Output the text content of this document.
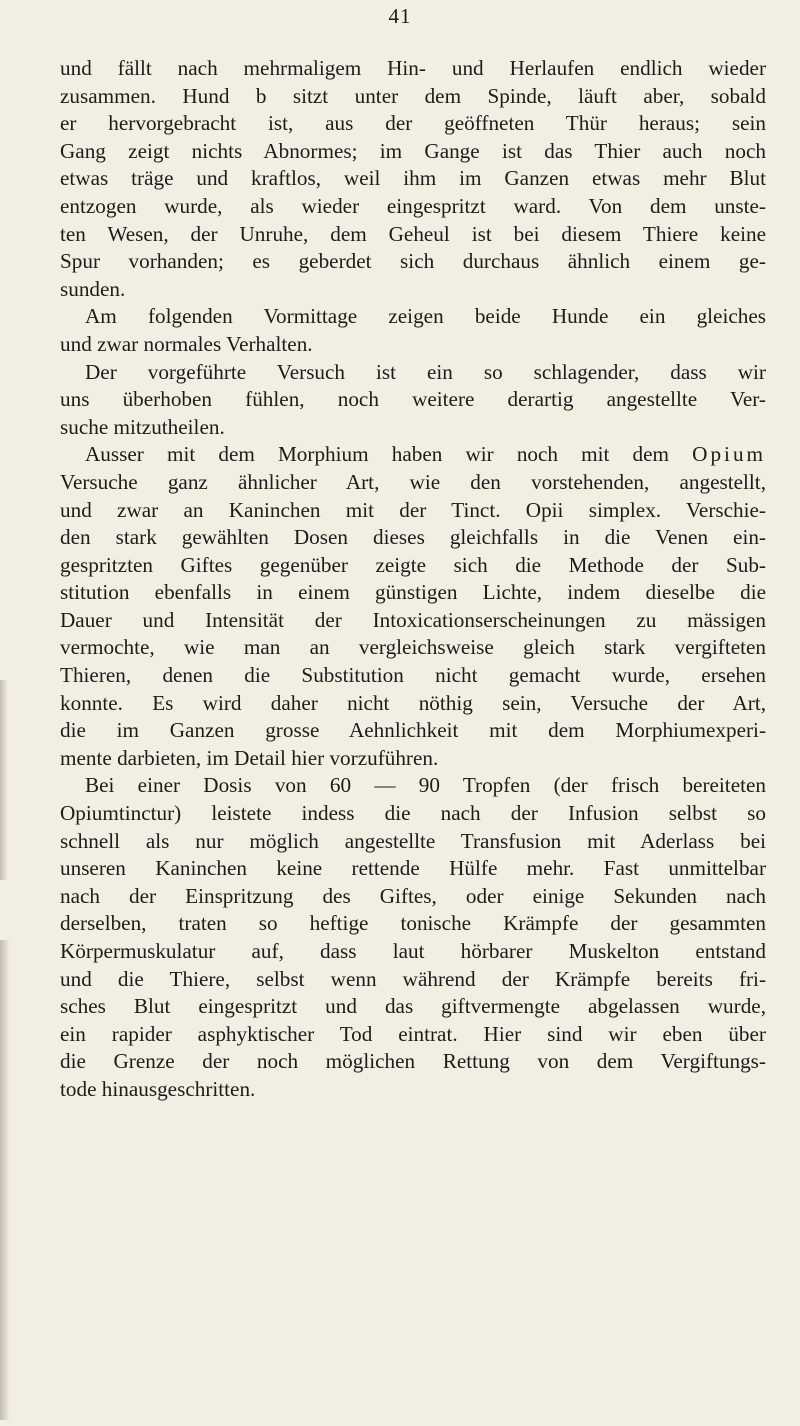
41
und fällt nach mehrmaligem Hin- und Herlaufen endlich wieder
zusammen. Hund b sitzt unter dem Spinde, läuft aber, sobald
er hervorgebracht ist, aus der geöffneten Thür heraus; sein
Gang zeigt nichts Abnormes; im Gange ist das Thier auch noch
etwas träge und kraftlos, weil ihm im Ganzen etwas mehr Blut
entzogen wurde, als wieder eingespritzt ward. Von dem unste-
ten Wesen, der Unruhe, dem Geheul ist bei diesem Thiere keine
Spur vorhanden; es geberdet sich durchaus ähnlich einem ge-
sunden.
Am folgenden Vormittage zeigen beide Hunde ein gleiches
und zwar normales Verhalten.
Der vorgeführte Versuch ist ein so schlagender, dass wir
uns überhoben fühlen, noch weitere derartig angestellte Ver-
suche mitzutheilen.
Ausser mit dem Morphium haben wir noch mit dem Opium
Versuche ganz ähnlicher Art, wie den vorstehenden, angestellt,
und zwar an Kaninchen mit der Tinct. Opii simplex. Verschie-
den stark gewählten Dosen dieses gleichfalls in die Venen ein-
gespritzten Giftes gegenüber zeigte sich die Methode der Sub-
stitution ebenfalls in einem günstigen Lichte, indem dieselbe die
Dauer und Intensität der Intoxicationserscheinungen zu mässigen
vermochte, wie man an vergleichsweise gleich stark vergifteten
Thieren, denen die Substitution nicht gemacht wurde, ersehen
konnte. Es wird daher nicht nöthig sein, Versuche der Art,
die im Ganzen grosse Aehnlichkeit mit dem Morphiumexperi-
mente darbieten, im Detail hier vorzuführen.
Bei einer Dosis von 60 — 90 Tropfen (der frisch bereiteten
Opiumtinctur) leistete indess die nach der Infusion selbst so
schnell als nur möglich angestellte Transfusion mit Aderlass bei
unseren Kaninchen keine rettende Hülfe mehr. Fast unmittelbar
nach der Einspritzung des Giftes, oder einige Sekunden nach
derselben, traten so heftige tonische Krämpfe der gesammten
Körpermuskulatur auf, dass laut hörbarer Muskelton entstand
und die Thiere, selbst wenn während der Krämpfe bereits fri-
sches Blut eingespritzt und das giftvermengte abgelassen wurde,
ein rapider asphyktischer Tod eintrat. Hier sind wir eben über
die Grenze der noch möglichen Rettung von dem Vergiftungs-
tode hinausgeschritten.
